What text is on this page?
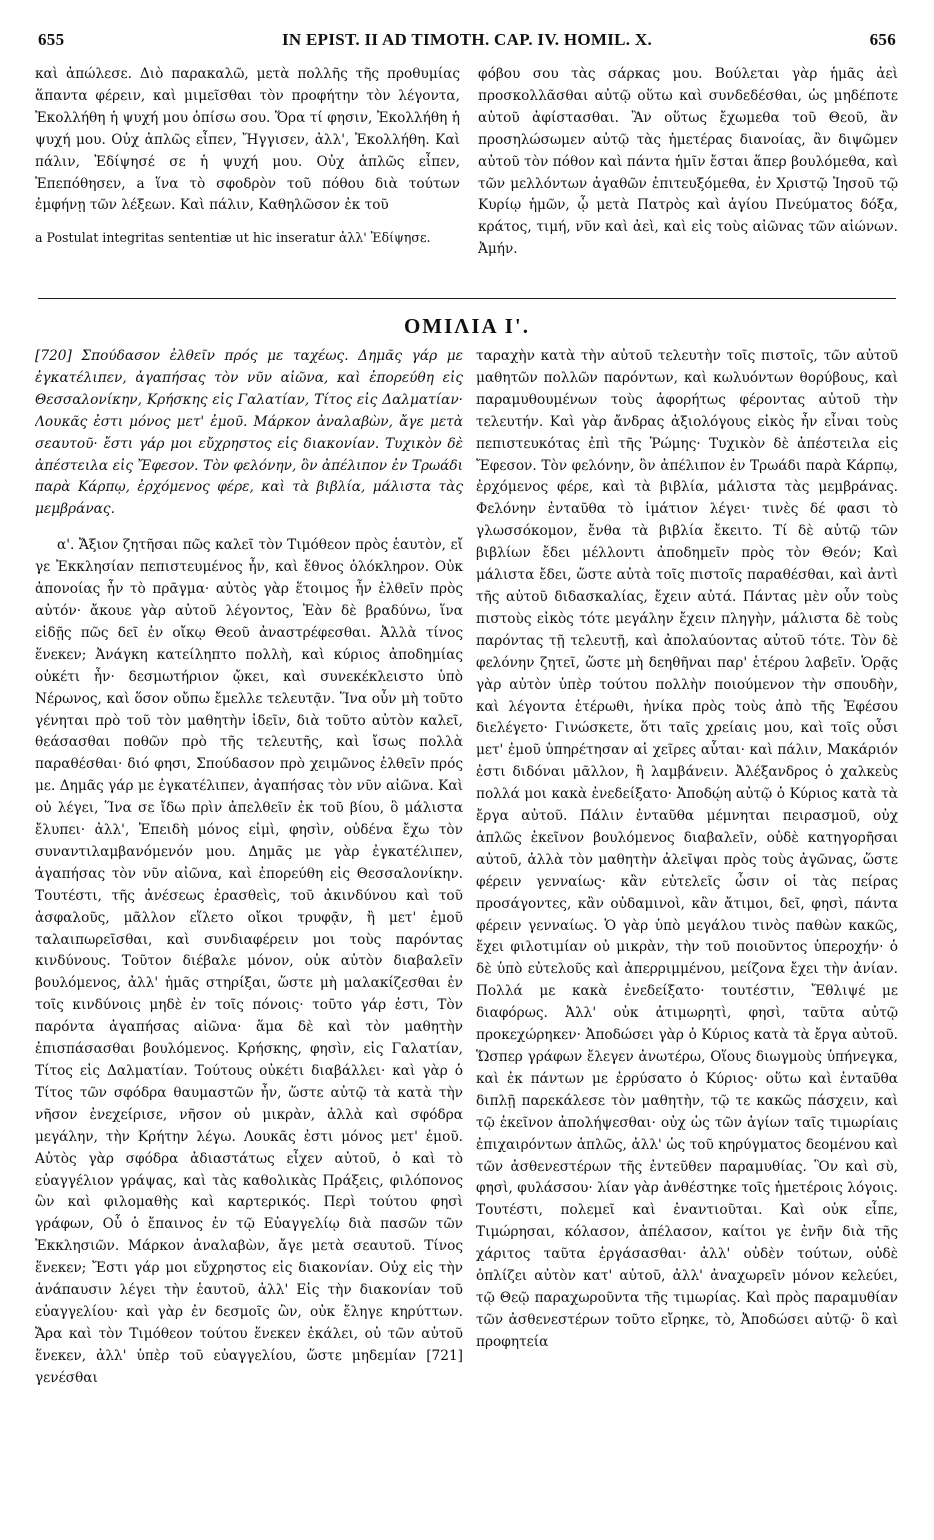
655	IN EPIST. II AD TIMOTH. CAP. IV. HOMIL. X.	656

καὶ ἀπώλεσε. Διὸ παρακαλῶ, μετὰ πολλῆς τῆς προθυμίας ἅπαντα φέρειν, καὶ μιμεῖσθαι τὸν προφήτην τὸν λέγοντα, Ἐκολλήθη ἡ ψυχή μου ὀπίσω σου. Ὅρα τί φησιν, Ἐκολλήθη ἡ ψυχή μου. Οὐχ ἁπλῶς εἶπεν, Ἤγγισεν, ἀλλ', Ἐκολλήθη. Καὶ πάλιν, Ἐδίψησέ σε ἡ ψυχή μου. Οὐχ ἁπλῶς εἶπεν, Ἐπεπόθησεν, a ἵνα τὸ σφοδρὸν τοῦ πόθου διὰ τούτων ἐμφήνῃ τῶν λέξεων. Καὶ πάλιν, Καθηλῶσον ἐκ τοῦ

a Postulat integritas sententiæ ut hic inseratur ἀλλ' Ἐδίψησε.

φόβου σου τὰς σάρκας μου. Βούλεται γὰρ ἡμᾶς ἀεὶ προσκολλᾶσθαι αὐτῷ οὕτω καὶ συνδεδέσθαι, ὡς μηδέποτε αὐτοῦ ἀφίστασθαι. Ἂν οὕτως ἔχωμεθα τοῦ Θεοῦ, ἂν προσηλώσωμεν αὐτῷ τὰς ἡμετέρας διανοίας, ἂν διψῶμεν αὐτοῦ τὸν πόθον καὶ πάντα ἡμῖν ἔσται ἅπερ βουλόμεθα, καὶ τῶν μελλόντων ἀγαθῶν ἐπιτευξόμεθα, ἐν Χριστῷ Ἰησοῦ τῷ Κυρίῳ ἡμῶν, ᾧ μετὰ Πατρὸς καὶ ἁγίου Πνεύματος δόξα, κράτος, τιμή, νῦν καὶ ἀεὶ, καὶ εἰς τοὺς αἰῶνας τῶν αἰώνων. Ἀμήν.

ΟΜΙΛΙΑ Ι'.

[720] Σπούδασον ἐλθεῖν πρός με ταχέως. Δημᾶς γάρ με ἐγκατέλιπεν, ἀγαπήσας τὸν νῦν αἰῶνα, καὶ ἐπορεύθη εἰς Θεσσαλονίκην, Κρήσκης εἰς Γαλατίαν, Τίτος εἰς Δαλματίαν· Λουκᾶς ἐστι μόνος μετ' ἐμοῦ. Μάρκον ἀναλαβὼν, ἄγε μετὰ σεαυτοῦ· ἔστι γάρ μοι εὔχρηστος εἰς διακονίαν. Τυχικὸν δὲ ἀπέστειλα εἰς Ἔφεσον. Τὸν φελόνην, ὃν ἀπέλιπον ἐν Τρωάδι παρὰ Κάρπῳ, ἐρχόμενος φέρε, καὶ τὰ βιβλία, μάλιστα τὰς μεμβράνας.

α'. Ἄξιον ζητῆσαι πῶς καλεῖ τὸν Τιμόθεον πρὸς ἑαυτὸν, εἴ γε Ἐκκλησίαν πεπιστευμένος ἦν, καὶ ἔθνος ὁλόκληρον. Οὐκ ἀπονοίας ἦν τὸ πρᾶγμα· αὐτὸς γὰρ ἕτοιμος ἦν ἐλθεῖν πρὸς αὐτόν· ἄκουε γὰρ αὐτοῦ λέγοντος, Ἐὰν δὲ βραδύνω, ἵνα εἰδῇς πῶς δεῖ ἐν οἴκῳ Θεοῦ ἀναστρέφεσθαι. Ἀλλὰ τίνος ἕνεκεν; Ἀνάγκη κατείληπτο πολλὴ, καὶ κύριος ἀποδημίας οὐκέτι ἦν· δεσμωτήριον ᾤκει, καὶ συνεκέκλειστο ὑπὸ Νέρωνος, καὶ ὅσον οὔπω ἔμελλε τελευτᾷν. Ἵνα οὖν μὴ τοῦτο γένηται πρὸ τοῦ τὸν μαθητὴν ἰδεῖν, διὰ τοῦτο αὐτὸν καλεῖ, θεάσασθαι ποθῶν πρὸ τῆς τελευτῆς, καὶ ἴσως πολλὰ παραθέσθαι· διό φησι, Σπούδασον πρὸ χειμῶνος ἐλθεῖν πρός με. Δημᾶς γάρ με ἐγκατέλιπεν, ἀγαπήσας τὸν νῦν αἰῶνα. Καὶ οὐ λέγει, Ἵνα σε ἴδω πρὶν ἀπελθεῖν ἐκ τοῦ βίου, ὃ μάλιστα ἔλυπει· ἀλλ', Ἐπειδὴ μόνος εἰμὶ, φησὶν, οὐδένα ἔχω τὸν συναντιλαμβανόμενόν μου. Δημᾶς με γὰρ ἐγκατέλιπεν, ἀγαπήσας τὸν νῦν αἰῶνα, καὶ ἐπορεύθη εἰς Θεσσαλονίκην. Τουτέστι, τῆς ἀνέσεως ἐρασθεὶς, τοῦ ἀκινδύνου καὶ τοῦ ἀσφαλοῦς, μᾶλλον εἵλετο οἴκοι τρυφᾷν, ἢ μετ' ἐμοῦ ταλαιπωρεῖσθαι, καὶ συνδιαφέρειν μοι τοὺς παρόντας κινδύνους. Τοῦτον διέβαλε μόνον, οὐκ αὐτὸν διαβαλεῖν βουλόμενος, ἀλλ' ἡμᾶς στηρίξαι, ὥστε μὴ μαλακίζεσθαι ἐν τοῖς κινδύνοις μηδὲ ἐν τοῖς πόνοις· τοῦτο γάρ ἐστι, Τὸν παρόντα ἀγαπήσας αἰῶνα· ἅμα δὲ καὶ τὸν μαθητὴν ἐπισπάσασθαι βουλόμενος. Κρήσκης, φησὶν, εἰς Γαλατίαν, Τίτος εἰς Δαλματίαν. Τούτους οὐκέτι διαβάλλει· καὶ γὰρ ὁ Τίτος τῶν σφόδρα θαυμαστῶν ἦν, ὥστε αὐτῷ τὰ κατὰ τὴν νῆσον ἐνεχείρισε, νῆσον οὐ μικρὰν, ἀλλὰ καὶ σφόδρα μεγάλην, τὴν Κρήτην λέγω. Λουκᾶς ἐστι μόνος μετ' ἐμοῦ. Αὐτὸς γὰρ σφόδρα ἀδιαστάτως εἶχεν αὐτοῦ, ὁ καὶ τὸ εὐαγγέλιον γράψας, καὶ τὰς καθολικὰς Πράξεις, φιλόπονος ὢν καὶ φιλομαθὴς καὶ καρτερικός. Περὶ τούτου φησὶ γράφων, Οὗ ὁ ἔπαινος ἐν τῷ Εὐαγγελίῳ διὰ πασῶν τῶν Ἐκκλησιῶν. Μάρκον ἀναλαβὼν, ἄγε μετὰ σεαυτοῦ. Τίνος ἕνεκεν; Ἔστι γάρ μοι εὔχρηστος εἰς διακονίαν. Οὐχ εἰς τὴν ἀνάπαυσιν λέγει τὴν ἑαυτοῦ, ἀλλ' Εἰς τὴν διακονίαν τοῦ εὐαγγελίου· καὶ γὰρ ἐν δεσμοῖς ὢν, οὐκ ἔληγε κηρύττων. Ἄρα καὶ τὸν Τιμόθεον τούτου ἕνεκεν ἐκάλει, οὐ τῶν αὐτοῦ ἕνεκεν, ἀλλ' ὑπὲρ τοῦ εὐαγγελίου, ὥστε μηδεμίαν [721] γενέσθαι

ταραχὴν κατὰ τὴν αὐτοῦ τελευτὴν τοῖς πιστοῖς, τῶν αὐτοῦ μαθητῶν πολλῶν παρόντων, καὶ κωλυόντων θορύβους, καὶ παραμυθουμένων τοὺς ἀφορήτως φέροντας αὐτοῦ τὴν τελευτήν. Καὶ γὰρ ἄνδρας ἀξιολόγους εἰκὸς ἦν εἶναι τοὺς πεπιστευκότας ἐπὶ τῆς Ῥώμης· Τυχικὸν δὲ ἀπέστειλα εἰς Ἔφεσον. Τὸν φελόνην, ὃν ἀπέλιπον ἐν Τρωάδι παρὰ Κάρπῳ, ἐρχόμενος φέρε, καὶ τὰ βιβλία, μάλιστα τὰς μεμβράνας. Φελόνην ἐνταῦθα τὸ ἱμάτιον λέγει· τινὲς δέ φασι τὸ γλωσσόκομον, ἔνθα τὰ βιβλία ἔκειτο. Τί δὲ αὐτῷ τῶν βιβλίων ἔδει μέλλοντι ἀποδημεῖν πρὸς τὸν Θεόν; Καὶ μάλιστα ἔδει, ὥστε αὐτὰ τοῖς πιστοῖς παραθέσθαι, καὶ ἀντὶ τῆς αὐτοῦ διδασκαλίας, ἔχειν αὐτά. Πάντας μὲν οὖν τοὺς πιστοὺς εἰκὸς τότε μεγάλην ἔχειν πληγὴν, μάλιστα δὲ τοὺς παρόντας τῇ τελευτῇ, καὶ ἀπολαύοντας αὐτοῦ τότε. Τὸν δὲ φελόνην ζητεῖ, ὥστε μὴ δεηθῆναι παρ' ἑτέρου λαβεῖν. Ὁρᾷς γὰρ αὐτὸν ὑπὲρ τούτου πολλὴν ποιούμενον τὴν σπουδὴν, καὶ λέγοντα ἑτέρωθι, ἡνίκα πρὸς τοὺς ἀπὸ τῆς Ἐφέσου διελέγετο· Γινώσκετε, ὅτι ταῖς χρείαις μου, καὶ τοῖς οὖσι μετ' ἐμοῦ ὑπηρέτησαν αἱ χεῖρες αὗται· καὶ πάλιν, Μακάριόν ἐστι διδόναι μᾶλλον, ἢ λαμβάνειν. Ἀλέξανδρος ὁ χαλκεὺς πολλά μοι κακὰ ἐνεδείξατο· Ἀποδῴη αὐτῷ ὁ Κύριος κατὰ τὰ ἔργα αὐτοῦ. Πάλιν ἐνταῦθα μέμνηται πειρασμοῦ, οὐχ ἁπλῶς ἐκεῖνον βουλόμενος διαβαλεῖν, οὐδὲ κατηγορῆσαι αὐτοῦ, ἀλλὰ τὸν μαθητὴν ἀλεῖψαι πρὸς τοὺς ἀγῶνας, ὥστε φέρειν γενναίως· κἂν εὐτελεῖς ὦσιν οἱ τὰς πείρας προσάγοντες, κἂν οὐδαμινοὶ, κἂν ἄτιμοι, δεῖ, φησὶ, πάντα φέρειν γενναίως. Ὁ γὰρ ὑπὸ μεγάλου τινὸς παθὼν κακῶς, ἔχει φιλοτιμίαν οὐ μικρὰν, τὴν τοῦ ποιοῦντος ὑπεροχήν· ὁ δὲ ὑπὸ εὐτελοῦς καὶ ἀπερριμμένου, μείζονα ἔχει τὴν ἀνίαν. Πολλά με κακὰ ἐνεδείξατο· τουτέστιν, Ἔθλιψέ με διαφόρως. Ἀλλ' οὐκ ἀτιμωρητὶ, φησὶ, ταῦτα αὐτῷ προκεχώρηκεν· Ἀποδώσει γὰρ ὁ Κύριος κατὰ τὰ ἔργα αὐτοῦ. Ὥσπερ γράφων ἔλεγεν ἀνωτέρω, Οἵους διωγμοὺς ὑπήνεγκα, καὶ ἐκ πάντων με ἐρρύσατο ὁ Κύριος· οὕτω καὶ ἐνταῦθα διπλῇ παρεκάλεσε τὸν μαθητὴν, τῷ τε κακῶς πάσχειν, καὶ τῷ ἐκεῖνον ἀπολήψεσθαι· οὐχ ὡς τῶν ἁγίων ταῖς τιμωρίαις ἐπιχαιρόντων ἁπλῶς, ἀλλ' ὡς τοῦ κηρύγματος δεομένου καὶ τῶν ἀσθενεστέρων τῆς ἐντεῦθεν παραμυθίας. Ὃν καὶ σὺ, φησὶ, φυλάσσου· λίαν γὰρ ἀνθέστηκε τοῖς ἡμετέροις λόγοις. Τουτέστι, πολεμεῖ καὶ ἐναντιοῦται. Καὶ οὐκ εἶπε, Τιμώρησαι, κόλασον, ἀπέλασον, καίτοι γε ἐνῆν διὰ τῆς χάριτος ταῦτα ἐργάσασθαι· ἀλλ' οὐδὲν τούτων, οὐδὲ ὁπλίζει αὐτὸν κατ' αὐτοῦ, ἀλλ' ἀναχωρεῖν μόνον κελεύει, τῷ Θεῷ παραχωροῦντα τῆς τιμωρίας. Καὶ πρὸς παραμυθίαν τῶν ἀσθενεστέρων τοῦτο εἴρηκε, τὸ, Ἀποδώσει αὐτῷ· ὃ καὶ προφητεία
